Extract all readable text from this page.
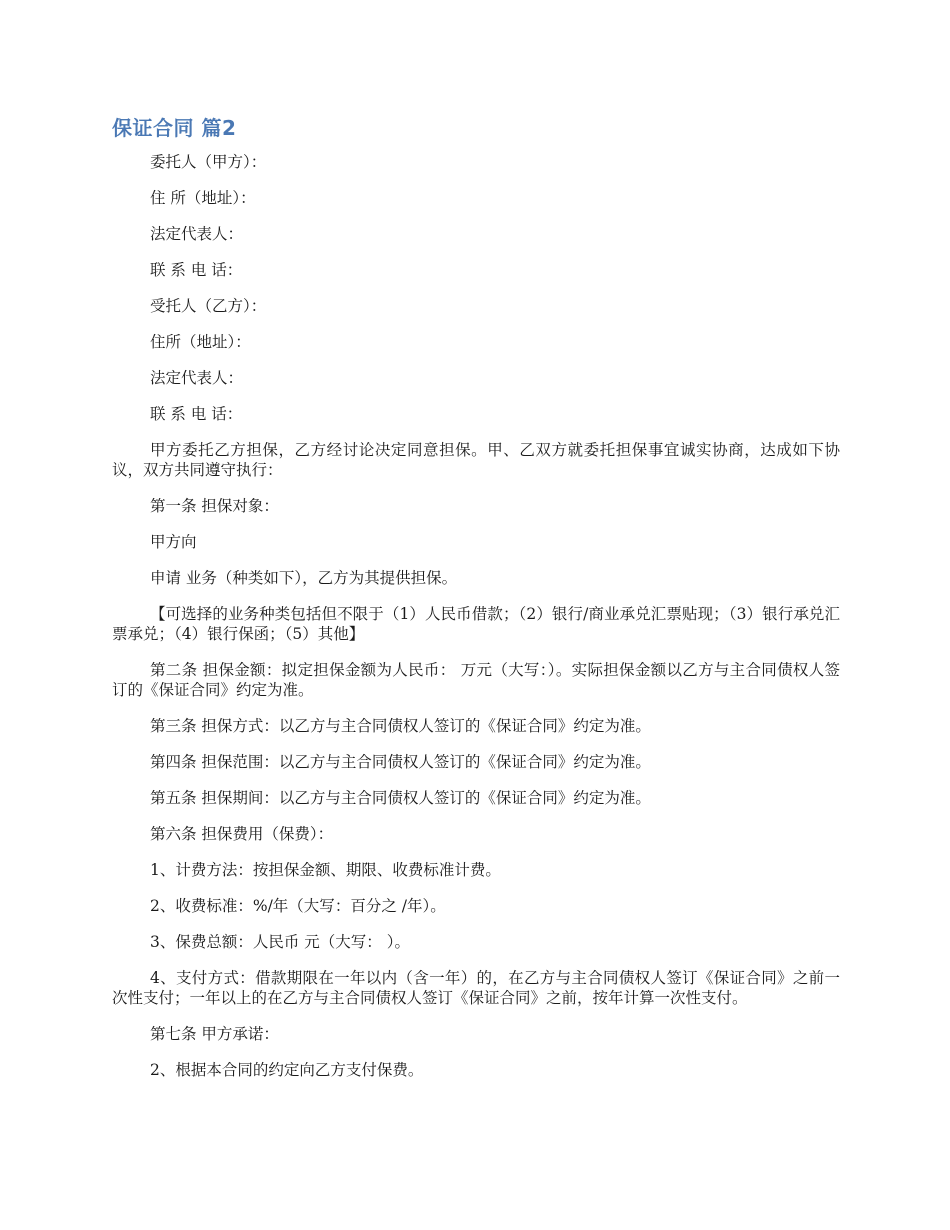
保证合同 篇2

委托人（甲方）：

住 所（地址）：

法定代表人：

联 系 电 话：

受托人（乙方）：

住所（地址）：

法定代表人：

联 系 电 话：

甲方委托乙方担保，乙方经讨论决定同意担保。甲、乙双方就委托担保事宜诚实协商，达成如下协议，双方共同遵守执行：

第一条 担保对象：

甲方向

申请 业务（种类如下），乙方为其提供担保。

【可选择的业务种类包括但不限于（1）人民币借款；（2）银行/商业承兑汇票贴现；（3）银行承兑汇票承兑；（4）银行保函；（5）其他】

第二条 担保金额：拟定担保金额为人民币： 万元（大写：）。实际担保金额以乙方与主合同债权人签订的《保证合同》约定为准。

第三条 担保方式：以乙方与主合同债权人签订的《保证合同》约定为准。

第四条 担保范围：以乙方与主合同债权人签订的《保证合同》约定为准。

第五条 担保期间：以乙方与主合同债权人签订的《保证合同》约定为准。

第六条 担保费用（保费）：

1、计费方法：按担保金额、期限、收费标准计费。

2、收费标准：%/年（大写：百分之 /年）。

3、保费总额：人民币 元（大写： ）。

4、支付方式：借款期限在一年以内（含一年）的，在乙方与主合同债权人签订《保证合同》之前一次性支付；一年以上的在乙方与主合同债权人签订《保证合同》之前，按年计算一次性支付。

第七条 甲方承诺：

2、根据本合同的约定向乙方支付保费。
